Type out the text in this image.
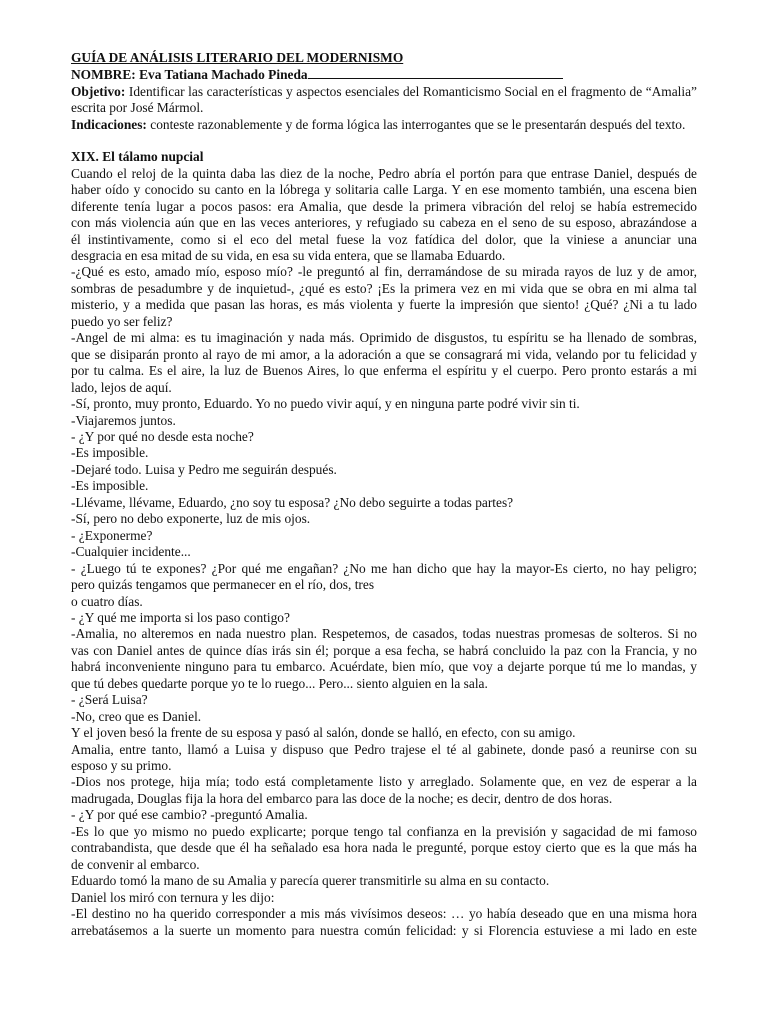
GUÍA DE ANÁLISIS LITERARIO DEL MODERNISMO
NOMBRE: Eva Tatiana Machado Pineda

Objetivo: Identificar las características y aspectos esenciales del Romanticismo Social en el fragmento de “Amalia” escrita por José Mármol.

Indicaciones: conteste razonablemente y de forma lógica las interrogantes que se le presentarán después del texto.

XIX. El tálamo nupcial
Cuando el reloj de la quinta daba las diez de la noche, Pedro abría el portón para que entrase Daniel, después de
haber oído y conocido su canto en la lóbrega y solitaria calle Larga. Y en ese momento también, una escena bien
diferente tenía lugar a pocos pasos: era Amalia, que desde la primera vibración del reloj se había estremecido
con más violencia aún que en las veces anteriores, y refugiado su cabeza en el seno de su esposo, abrazándose a
él instintivamente, como si el eco del metal fuese la voz fatídica del dolor, que la viniese a anunciar una
desgracia en esa mitad de su vida, en esa su vida entera, que se llamaba Eduardo.
-¿Qué es esto, amado mío, esposo mío? -le preguntó al fin, derramándose de su mirada rayos de luz y de amor,
sombras de pesadumbre y de inquietud-, ¿qué es esto? ¡Es la primera vez en mi vida que se obra en mi alma tal
misterio, y a medida que pasan las horas, es más violenta y fuerte la impresión que siento! ¿Qué? ¿Ni a tu lado
puedo yo ser feliz?
-Angel de mi alma: es tu imaginación y nada más. Oprimido de disgustos, tu espíritu se ha llenado de sombras,
que se disiparán pronto al rayo de mi amor, a la adoración a que se consagrará mi vida, velando por tu felicidad y
por tu calma. Es el aire, la luz de Buenos Aires, lo que enferma el espíritu y el cuerpo. Pero pronto estarás a mi
lado, lejos de aquí.
-Sí, pronto, muy pronto, Eduardo. Yo no puedo vivir aquí, y en ninguna parte podré vivir sin ti.
-Viajaremos juntos.
- ¿Y por qué no desde esta noche?
-Es imposible.
-Dejaré todo. Luisa y Pedro me seguirán después.
-Es imposible.
-Llévame, llévame, Eduardo, ¿no soy tu esposa? ¿No debo seguirte a todas partes?
-Sí, pero no debo exponerte, luz de mis ojos.
- ¿Exponerme?
-Cualquier incidente...
- ¿Luego tú te expones? ¿Por qué me engañan? ¿No me han dicho que hay la mayor-Es cierto, no hay peligro;
pero quizás tengamos que permanecer en el río, dos, tres
o cuatro días.
- ¿Y qué me importa si los paso contigo?
-Amalia, no alteremos en nada nuestro plan. Respetemos, de casados, todas nuestras promesas de solteros. Si no
vas con Daniel antes de quince días irás sin él; porque a esa fecha, se habrá concluido la paz con la Francia, y no
habrá inconveniente ninguno para tu embarco. Acuérdate, bien mío, que voy a dejarte porque tú me lo mandas, y
que tú debes quedarte porque yo te lo ruego... Pero... siento alguien en la sala.
- ¿Será Luisa?
-No, creo que es Daniel.
Y el joven besó la frente de su esposa y pasó al salón, donde se halló, en efecto, con su amigo.
Amalia, entre tanto, llamó a Luisa y dispuso que Pedro trajese el té al gabinete, donde pasó a reunirse con su
esposo y su primo.
-Dios nos protege, hija mía; todo está completamente listo y arreglado. Solamente que, en vez de esperar a la
madrugada, Douglas fija la hora del embarco para las doce de la noche; es decir, dentro de dos horas.
- ¿Y por qué ese cambio? -preguntó Amalia.
-Es lo que yo mismo no puedo explicarte; porque tengo tal confianza en la previsión y sagacidad de mi famoso
contrabandista, que desde que él ha señalado esa hora nada le pregunté, porque estoy cierto que es la que más ha
de convenir al embarco.
Eduardo tomó la mano de su Amalia y parecía querer transmitirle su alma en su contacto.
Daniel los miró con ternura y les dijo:
-El destino no ha querido corresponder a mis más vivísimos deseos: … yo había deseado que en una misma hora
arrebatásemos a la suerte un momento para nuestra común felicidad: y si Florencia estuviese a mi lado en este
